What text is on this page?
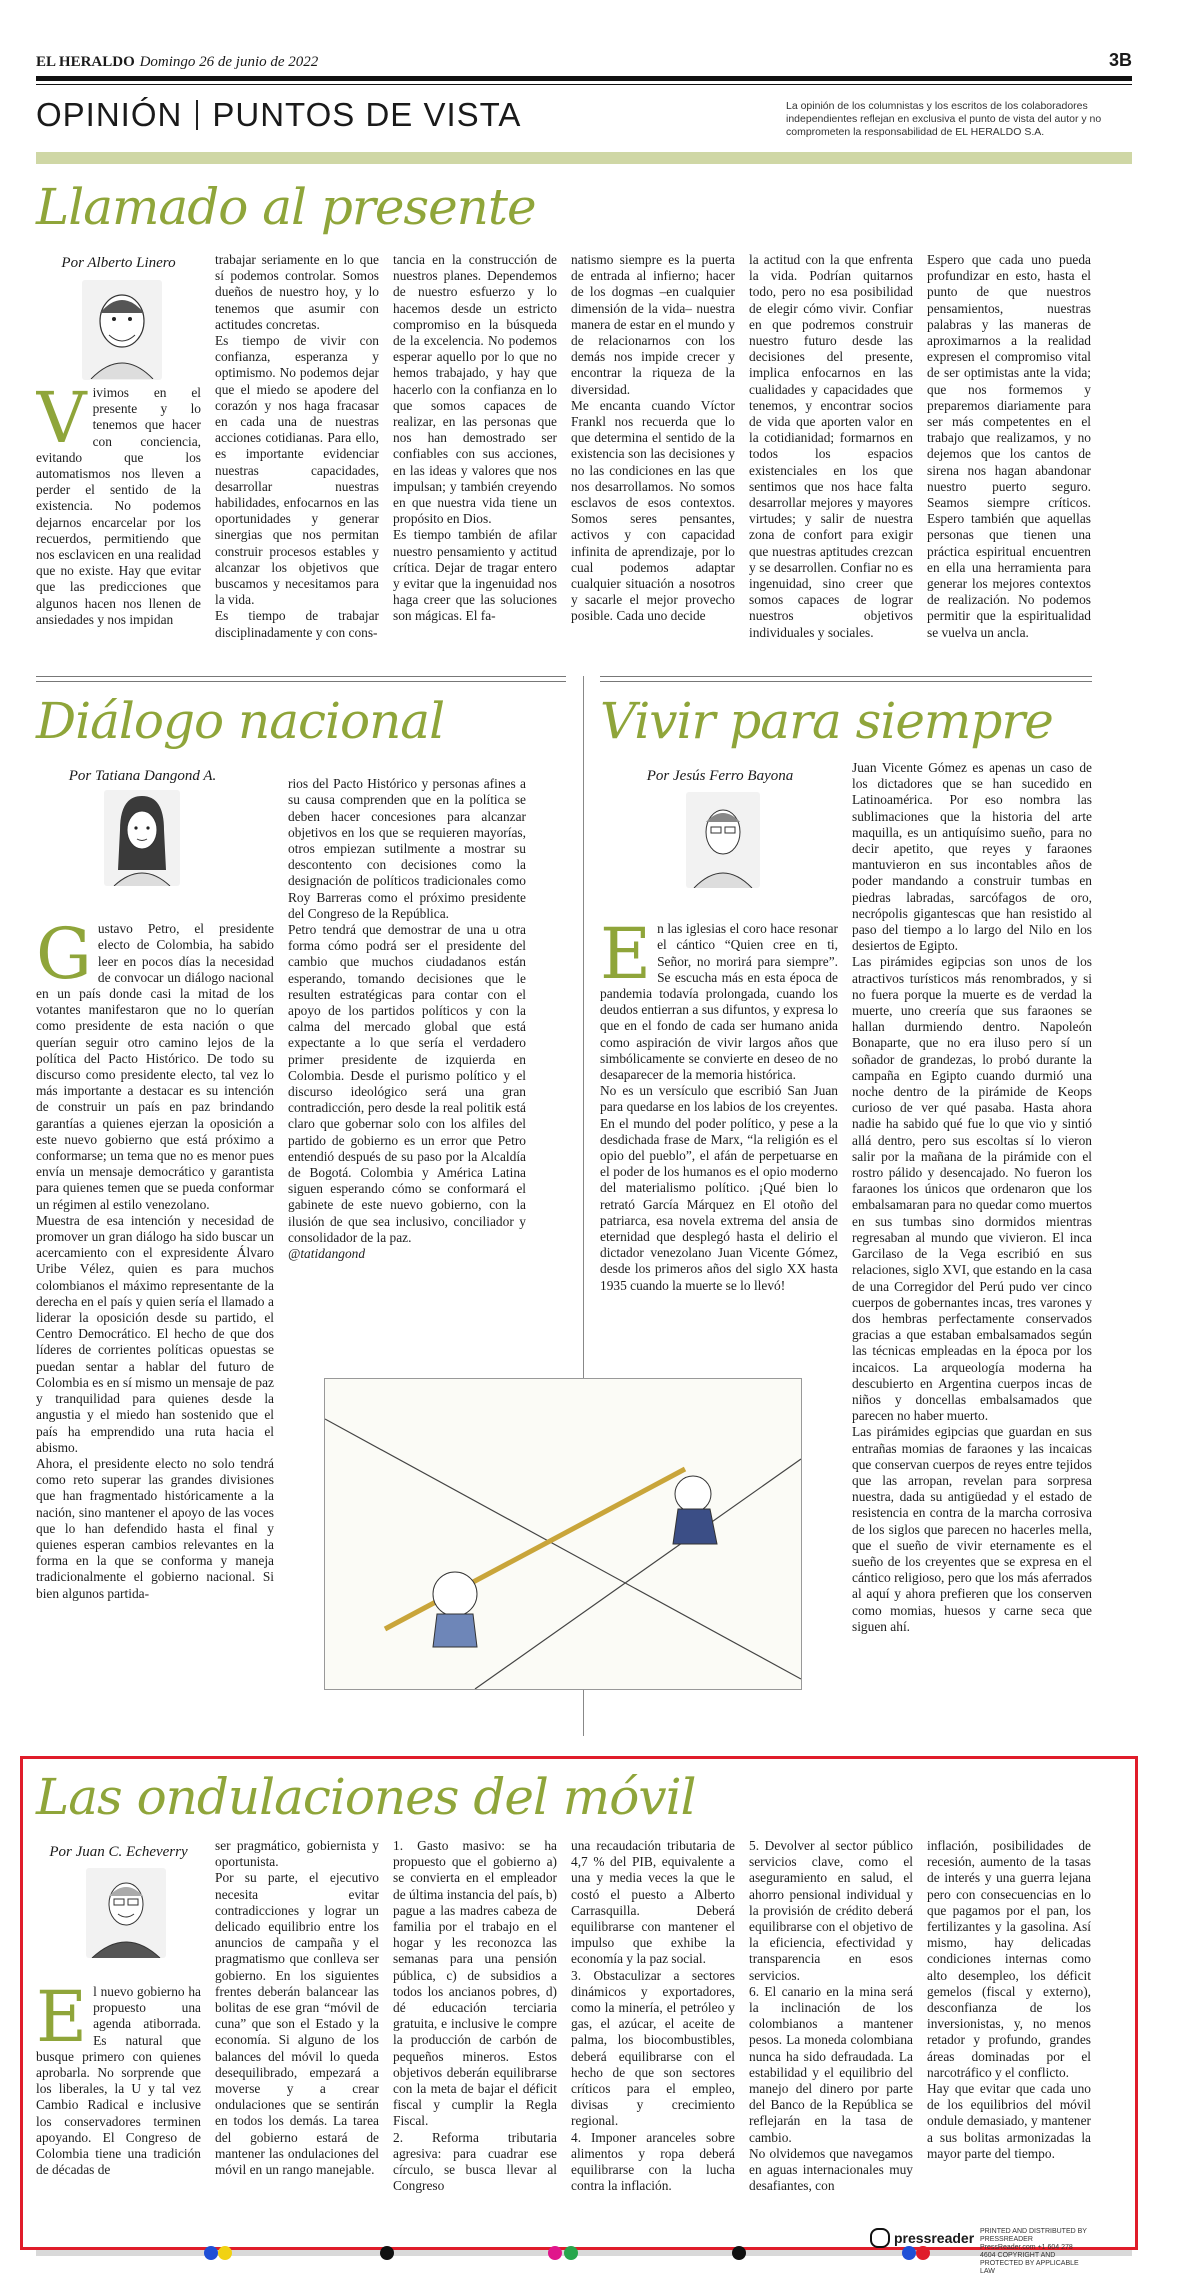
EL HERALDO Domingo 26 de junio de 2022	3B
OPINIÓN PUNTOS DE VISTA	La opinión de los columnistas y los escritos de los colaboradores independientes reflejan en exclusiva el punto de vista del autor y no comprometen la responsabilidad de EL HERALDO S.A.
Llamado al presente
Por Alberto Linero
Vivimos en el presente y lo tenemos que hacer con conciencia, evitando que los automatismos nos lleven a perder el sentido de la existencia. No podemos dejarnos encarcelar por los recuerdos, permitiendo que nos esclavicen en una realidad que no existe. Hay que evitar que las predicciones que algunos hacen nos llenen de ansiedades y nos impidan
trabajar seriamente en lo que sí podemos controlar. Somos dueños de nuestro hoy, y lo tenemos que asumir con actitudes concretas.
Es tiempo de vivir con confianza, esperanza y optimismo. No podemos dejar que el miedo se apodere del corazón y nos haga fracasar en cada una de nuestras acciones cotidianas. Para ello, es importante evidenciar nuestras capacidades, desarrollar nuestras habilidades, enfocarnos en las oportunidades y generar sinergias que nos permitan construir procesos estables y alcanzar los objetivos que buscamos y necesitamos para la vida.
Es tiempo de trabajar disciplinadamente y con cons-
tancia en la construcción de nuestros planes. Dependemos de nuestro esfuerzo y lo hacemos desde un estricto compromiso en la búsqueda de la excelencia. No podemos esperar aquello por lo que no hemos trabajado, y hay que hacerlo con la confianza en lo que somos capaces de realizar, en las personas que nos han demostrado ser confiables con sus acciones, en las ideas y valores que nos impulsan; y también creyendo en que nuestra vida tiene un propósito en Dios.
Es tiempo también de afilar nuestro pensamiento y actitud crítica. Dejar de tragar entero y evitar que la ingenuidad nos haga creer que las soluciones son mágicas. El fa-
natismo siempre es la puerta de entrada al infierno; hacer de los dogmas –en cualquier dimensión de la vida– nuestra manera de estar en el mundo y de relacionarnos con los demás nos impide crecer y encontrar la riqueza de la diversidad.
Me encanta cuando Víctor Frankl nos recuerda que lo que determina el sentido de la existencia son las decisiones y no las condiciones en las que nos desarrollamos. No somos esclavos de esos contextos. Somos seres pensantes, activos y con capacidad infinita de aprendizaje, por lo cual podemos adaptar cualquier situación a nosotros y sacarle el mejor provecho posible. Cada uno decide
la actitud con la que enfrenta la vida. Podrían quitarnos todo, pero no esa posibilidad de elegir cómo vivir. Confiar en que podremos construir nuestro futuro desde las decisiones del presente, implica enfocarnos en las cualidades y capacidades que tenemos, y encontrar socios de vida que aporten valor en la cotidianidad; formarnos en todos los espacios existenciales en los que sentimos que nos hace falta desarrollar mejores y mayores virtudes; y salir de nuestra zona de confort para exigir que nuestras aptitudes crezcan y se desarrollen. Confiar no es ingenuidad, sino creer que somos capaces de lograr nuestros objetivos individuales y sociales.
Espero que cada uno pueda profundizar en esto, hasta el punto de que nuestros pensamientos, nuestras palabras y las maneras de aproximarnos a la realidad expresen el compromiso vital de ser optimistas ante la vida; que nos formemos y preparemos diariamente para ser más competentes en el trabajo que realizamos, y no dejemos que los cantos de sirena nos hagan abandonar nuestro puerto seguro. Seamos siempre críticos. Espero también que aquellas personas que tienen una práctica espiritual encuentren en ella una herramienta para generar los mejores contextos de realización. No podemos permitir que la espiritualidad se vuelva un ancla.
Diálogo nacional
Por Tatiana Dangond A.

Gustavo Petro, el presidente electo de Colombia, ha sabido leer en pocos días la necesidad de convocar un diálogo nacional en un país donde casi la mitad de los votantes manifestaron que no lo querían como presidente de esta nación o que querían seguir otro camino lejos de la política del Pacto Histórico. De todo su discurso como presidente electo, tal vez lo más importante a destacar es su intención de construir un país en paz brindando garantías a quienes ejerzan la oposición a este nuevo gobierno que está próximo a conformarse; un tema que no es menor pues envía un mensaje democrático y garantista para quienes temen que se pueda conformar un régimen al estilo venezolano.
Muestra de esa intención y necesidad de promover un gran diálogo ha sido buscar un acercamiento con el expresidente Álvaro Uribe Vélez, quien es para muchos colombianos el máximo representante de la derecha en el país y quien sería el llamado a liderar la oposición desde su partido, el Centro Democrático. El hecho de que dos líderes de corrientes políticas opuestas se puedan sentar a hablar del futuro de Colombia es en sí mismo un mensaje de paz y tranquilidad para quienes desde la angustia y el miedo han sostenido que el país ha emprendido una ruta hacia el abismo.
Ahora, el presidente electo no solo tendrá como reto superar las grandes divisiones que han fragmentado históricamente a la nación, sino mantener el apoyo de las voces que lo han defendido hasta el final y quienes esperan cambios relevantes en la forma en la que se conforma y maneja tradicionalmente el gobierno nacional. Si bien algunos partida-

rios del Pacto Histórico y personas afines a su causa comprenden que en la política se deben hacer concesiones para alcanzar objetivos en los que se requieren mayorías, otros empiezan sutilmente a mostrar su descontento con decisiones como la designación de políticos tradicionales como Roy Barreras como el próximo presidente del Congreso de la República.
Petro tendrá que demostrar de una u otra forma cómo podrá ser el presidente del cambio que muchos ciudadanos están esperando, tomando decisiones que le resulten estratégicas para contar con el apoyo de los partidos políticos y con la calma del mercado global que está expectante a lo que sería el verdadero primer presidente de izquierda en Colombia. Desde el purismo político y el discurso ideológico será una gran contradicción, pero desde la real politik está claro que gobernar solo con los alfiles del partido de gobierno es un error que Petro entendió después de su paso por la Alcaldía de Bogotá. Colombia y América Latina siguen esperando cómo se conformará el gabinete de este nuevo gobierno, con la ilusión de que sea inclusivo, conciliador y consolidador de la paz.

@tatidangond

Vivir para siempre
Por Jesús Ferro Bayona

En las iglesias el coro hace resonar el cántico “Quien cree en ti, Señor, no morirá para siempre”. Se escucha más en esta época de pandemia todavía prolongada, cuando los deudos entierran a sus difuntos, y expresa lo que en el fondo de cada ser humano anida como aspiración de vivir largos años que simbólicamente se convierte en deseo de no desaparecer de la memoria histórica.
No es un versículo que escribió San Juan para quedarse en los labios de los creyentes. En el mundo del poder político, y pese a la desdichada frase de Marx, “la religión es el opio del pueblo”, el afán de perpetuarse en el poder de los humanos es el opio moderno del materialismo político. ¡Qué bien lo retrató García Márquez en El otoño del patriarca, esa novela extrema del ansia de eternidad que desplegó hasta el delirio el dictador venezolano Juan Vicente Gómez, desde los primeros años del siglo XX hasta 1935 cuando la muerte se lo llevó!

Juan Vicente Gómez es apenas un caso de los dictadores que se han sucedido en Latinoamérica. Por eso nombra las sublimaciones que la historia del arte maquilla, es un antiquísimo sueño, para no decir apetito, que reyes y faraones mantuvieron en sus incontables años de poder mandando a construir tumbas en piedras labradas, sarcófagos de oro, necrópolis gigantescas que han resistido al paso del tiempo a lo largo del Nilo en los desiertos de Egipto.
Las pirámides egipcias son unos de los atractivos turísticos más renombrados, y si no fuera porque la muerte es de verdad la muerte, uno creería que sus faraones se hallan durmiendo dentro. Napoleón Bonaparte, que no era iluso pero sí un soñador de grandezas, lo probó durante la campaña en Egipto cuando durmió una noche dentro de la pirámide de Keops curioso de ver qué pasaba. Hasta ahora nadie ha sabido qué fue lo que vio y sintió allá dentro, pero sus escoltas sí lo vieron salir por la mañana de la pirámide con el rostro pálido y desencajado. No fueron los faraones los únicos que ordenaron que los embalsamaran para no quedar como muertos en sus tumbas sino dormidos mientras regresaban al mundo que vivieron. El inca Garcilaso de la Vega escribió en sus relaciones, siglo XVI, que estando en la casa de una Corregidor del Perú pudo ver cinco cuerpos de gobernantes incas, tres varones y dos hembras perfectamente conservados gracias a que estaban embalsamados según las técnicas empleadas en la época por los incaicos. La arqueología moderna ha descubierto en Argentina cuerpos incas de niños y doncellas embalsamados que parecen no haber muerto.
Las pirámides egipcias que guardan en sus entrañas momias de faraones y las incaicas que conservan cuerpos de reyes entre tejidos que las arropan, revelan para sorpresa nuestra, dada su antigüedad y el estado de resistencia en contra de la marcha corrosiva de los siglos que parecen no hacerles mella, que el sueño de vivir eternamente es el sueño de los creyentes que se expresa en el cántico religioso, pero que los más aferrados al aquí y ahora prefieren que los conserven como momias, huesos y carne seca que siguen ahí.
Las ondulaciones del móvil
Por Juan C. Echeverry
El nuevo gobierno ha propuesto una agenda atiborrada. Es natural que busque primero con quienes aprobarla. No sorprende que los liberales, la U y tal vez Cambio Radical e inclusive los conservadores terminen apoyando. El Congreso de Colombia tiene una tradición de décadas de
ser pragmático, gobiernista y oportunista.
Por su parte, el ejecutivo necesita evitar contradicciones y lograr un delicado equilibrio entre los anuncios de campaña y el pragmatismo que conlleva ser gobierno. En los siguientes frentes deberán balancear las bolitas de ese gran “móvil de cuna” que son el Estado y la economía. Si alguno de los balances del móvil lo queda desequilibrado, empezará a moverse y a crear ondulaciones que se sentirán en todos los demás. La tarea del gobierno estará de mantener las ondulaciones del móvil en un rango manejable.
1. Gasto masivo: se ha propuesto que el gobierno a) se convierta en el empleador de última instancia del país, b) pague a las madres cabeza de familia por el trabajo en el hogar y les reconozca las semanas para una pensión pública, c) de subsidios a todos los ancianos pobres, d) dé educación terciaria gratuita, e inclusive le compre la producción de carbón de pequeños mineros. Estos objetivos deberán equilibrarse con la meta de bajar el déficit fiscal y cumplir la Regla Fiscal.
2. Reforma tributaria agresiva: para cuadrar ese círculo, se busca llevar al Congreso
una recaudación tributaria de 4,7 % del PIB, equivalente a una y media veces la que le costó el puesto a Alberto Carrasquilla. Deberá equilibrarse con mantener el impulso que exhibe la economía y la paz social.
3. Obstaculizar a sectores dinámicos y exportadores, como la minería, el petróleo y gas, el azúcar, el aceite de palma, los biocombustibles, deberá equilibrarse con el hecho de que son sectores críticos para el empleo, divisas y crecimiento regional.
4. Imponer aranceles sobre alimentos y ropa deberá equilibrarse con la lucha contra la inflación.
5. Devolver al sector público servicios clave, como el aseguramiento en salud, el ahorro pensional individual y la provisión de crédito deberá equilibrarse con el objetivo de la eficiencia, efectividad y transparencia en esos servicios.
6. El canario en la mina será la inclinación de los colombianos a mantener pesos. La moneda colombiana nunca ha sido defraudada. La estabilidad y el equilibrio del manejo del dinero por parte del Banco de la República se reflejarán en la tasa de cambio.
No olvidemos que navegamos en aguas internacionales muy desafiantes, con
inflación, posibilidades de recesión, aumento de la tasas de interés y una guerra lejana pero con consecuencias en lo que pagamos por el pan, los fertilizantes y la gasolina. Así mismo, hay delicadas condiciones internas como alto desempleo, los déficit gemelos (fiscal y externo), desconfianza de los inversionistas, y, no menos retador y profundo, grandes áreas dominadas por el narcotráfico y el conflicto.
Hay que evitar que cada uno de los equilibrios del móvil ondule demasiado, y mantener a sus bolitas armonizadas la mayor parte del tiempo.
pressreader PRINTED AND DISTRIBUTED BY PRESSREADER PressReader.com +1 604 278 4604 COPYRIGHT AND PROTECTED BY APPLICABLE LAW
